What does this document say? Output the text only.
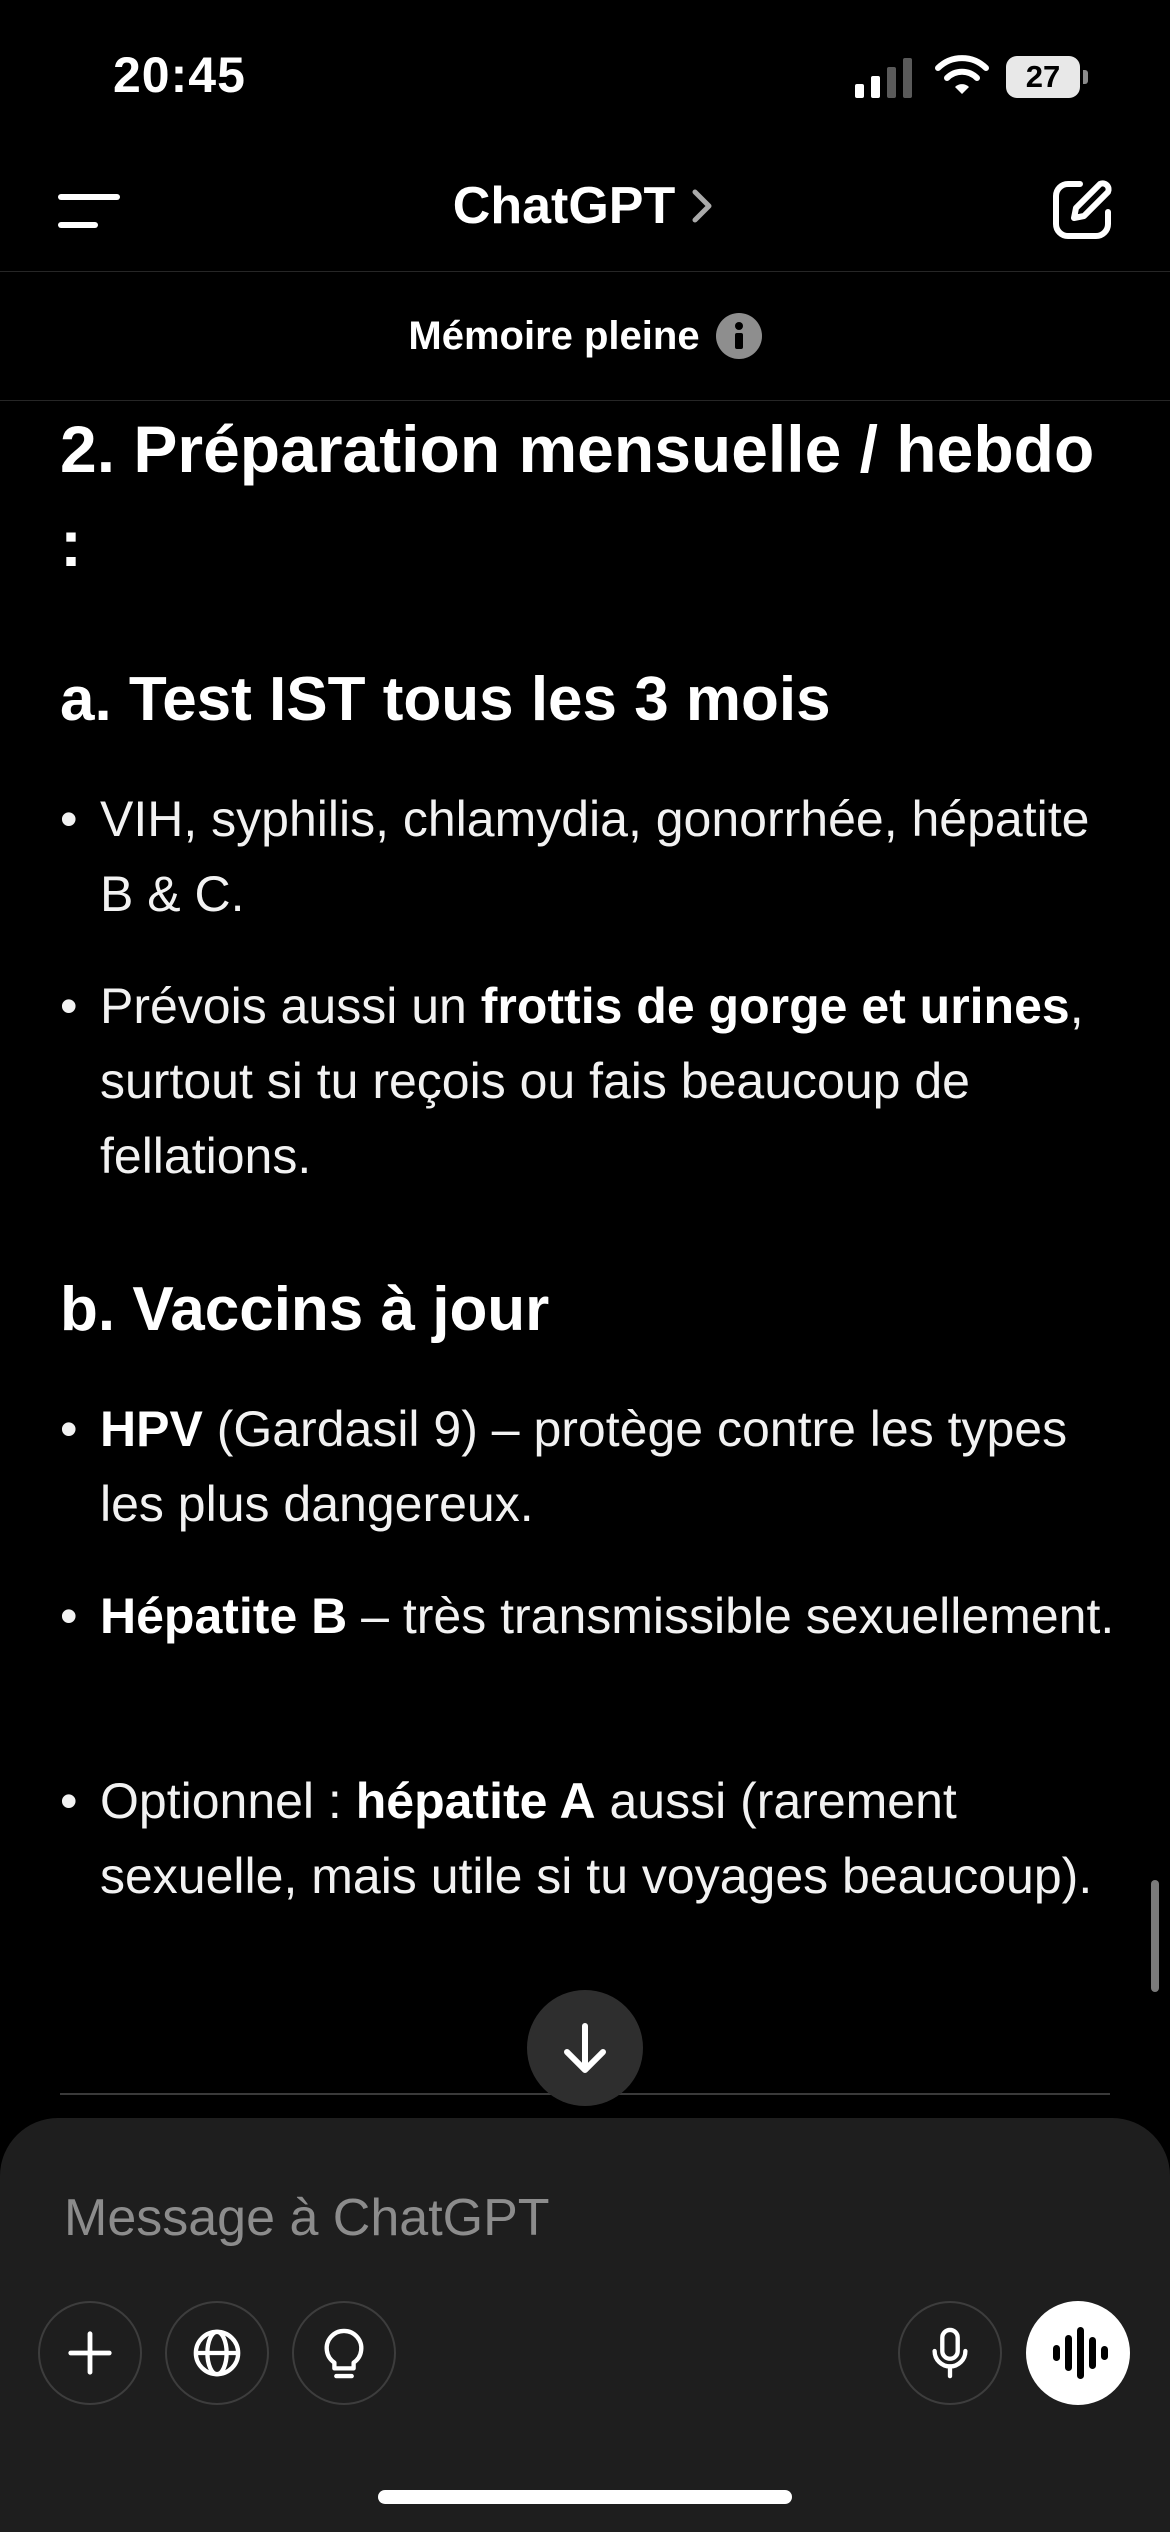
20:45	27
ChatGPT
Mémoire pleine
2. Préparation mensuelle / hebdo :
a. Test IST tous les 3 mois
• VIH, syphilis, chlamydia, gonorrhée, hépatite B & C.
• Prévois aussi un frottis de gorge et urines, surtout si tu reçois ou fais beaucoup de fellations.
b. Vaccins à jour
• HPV (Gardasil 9) – protège contre les types les plus dangereux.
• Hépatite B – très transmissible sexuellement.
• Optionnel : hépatite A aussi (rarement sexuelle, mais utile si tu voyages beaucoup).
Message à ChatGPT
